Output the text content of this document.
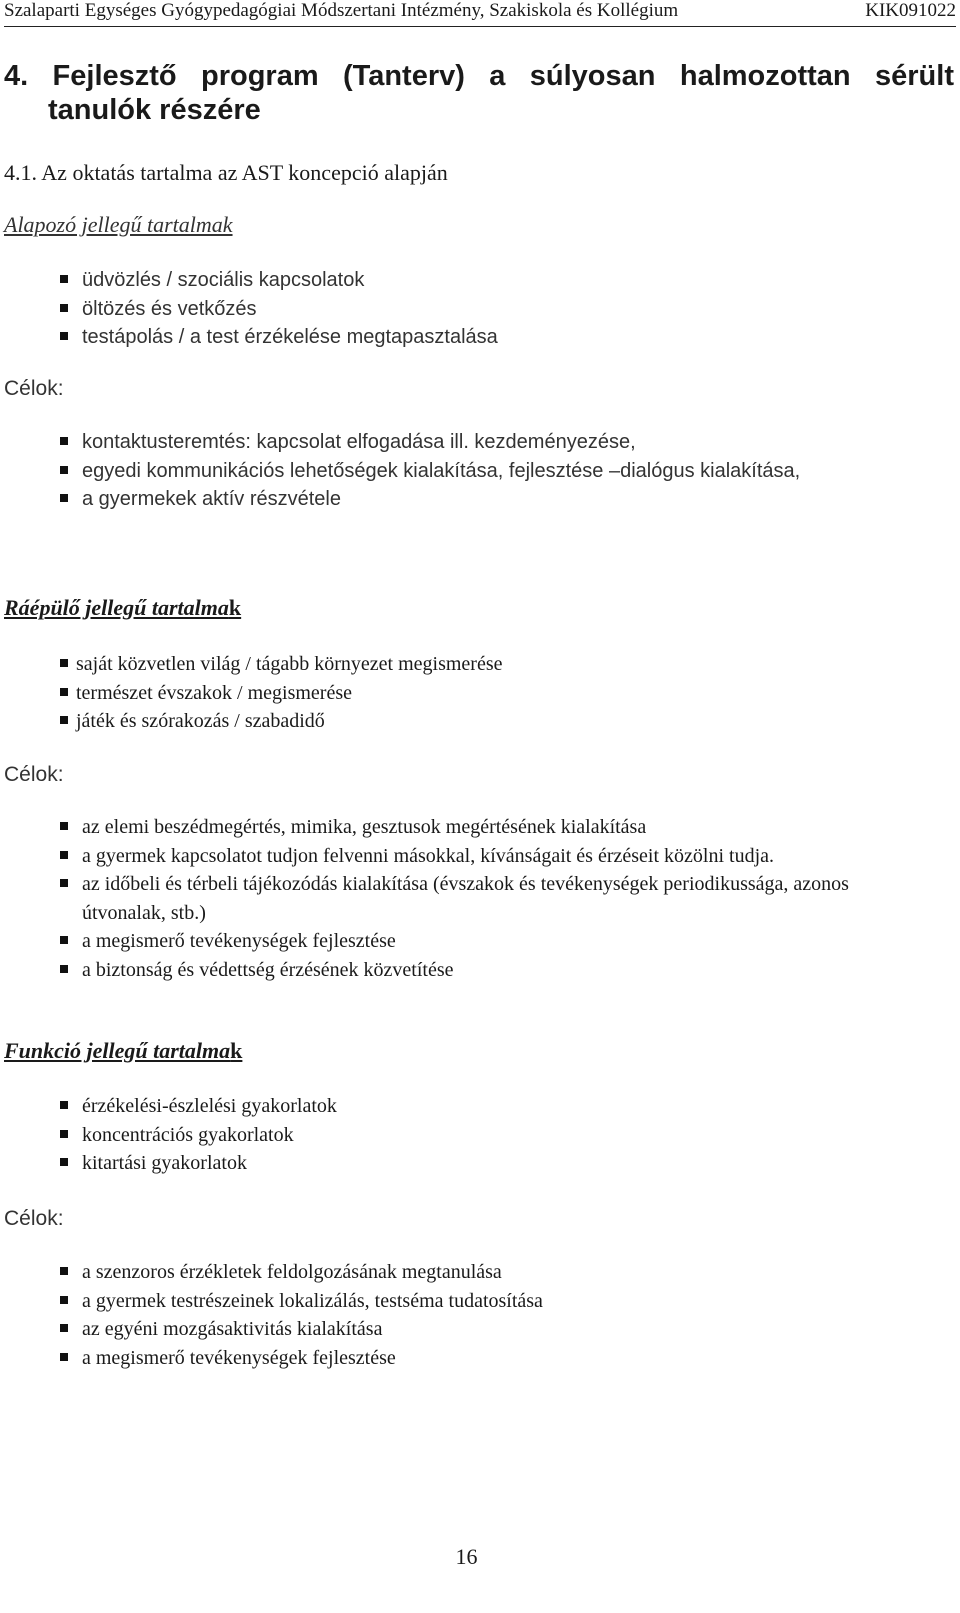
Szalaparti Egységes Gyógypedagógiai Módszertani Intézmény, Szakiskola és Kollégium	KIK091022
4. Fejlesztő program (Tanterv) a súlyosan halmozottan sérült
tanulók részére
4.1. Az oktatás tartalma az AST koncepció alapján
Alapozó jellegű tartalmak
üdvözlés / szociális kapcsolatok
öltözés és vetkőzés
testápolás / a test érzékelése megtapasztalása
Célok:
kontaktusteremtés: kapcsolat elfogadása ill. kezdeményezése,
egyedi kommunikációs lehetőségek kialakítása, fejlesztése –dialógus kialakítása,
a gyermekek aktív részvétele
Ráépülő jellegű tartalmak
saját közvetlen világ / tágabb környezet megismerése
természet évszakok / megismerése
játék és szórakozás / szabadidő
Célok:
az elemi beszédmegértés, mimika, gesztusok megértésének kialakítása
a gyermek kapcsolatot tudjon felvenni másokkal, kívánságait és érzéseit közölni tudja.
az időbeli és térbeli tájékozódás kialakítása (évszakok és tevékenységek periodikussága, azonos útvonalak, stb.)
a megismerő tevékenységek fejlesztése
a biztonság és védettség érzésének közvetítése
Funkció jellegű tartalmak
érzékelési-észlelési gyakorlatok
koncentrációs gyakorlatok
kitartási gyakorlatok
Célok:
a szenzoros érzékletek feldolgozásának megtanulása
a gyermek testrészeinek lokalizálás, testséma tudatosítása
az egyéni mozgásaktivitás kialakítása
a megismerő tevékenységek fejlesztése
16
